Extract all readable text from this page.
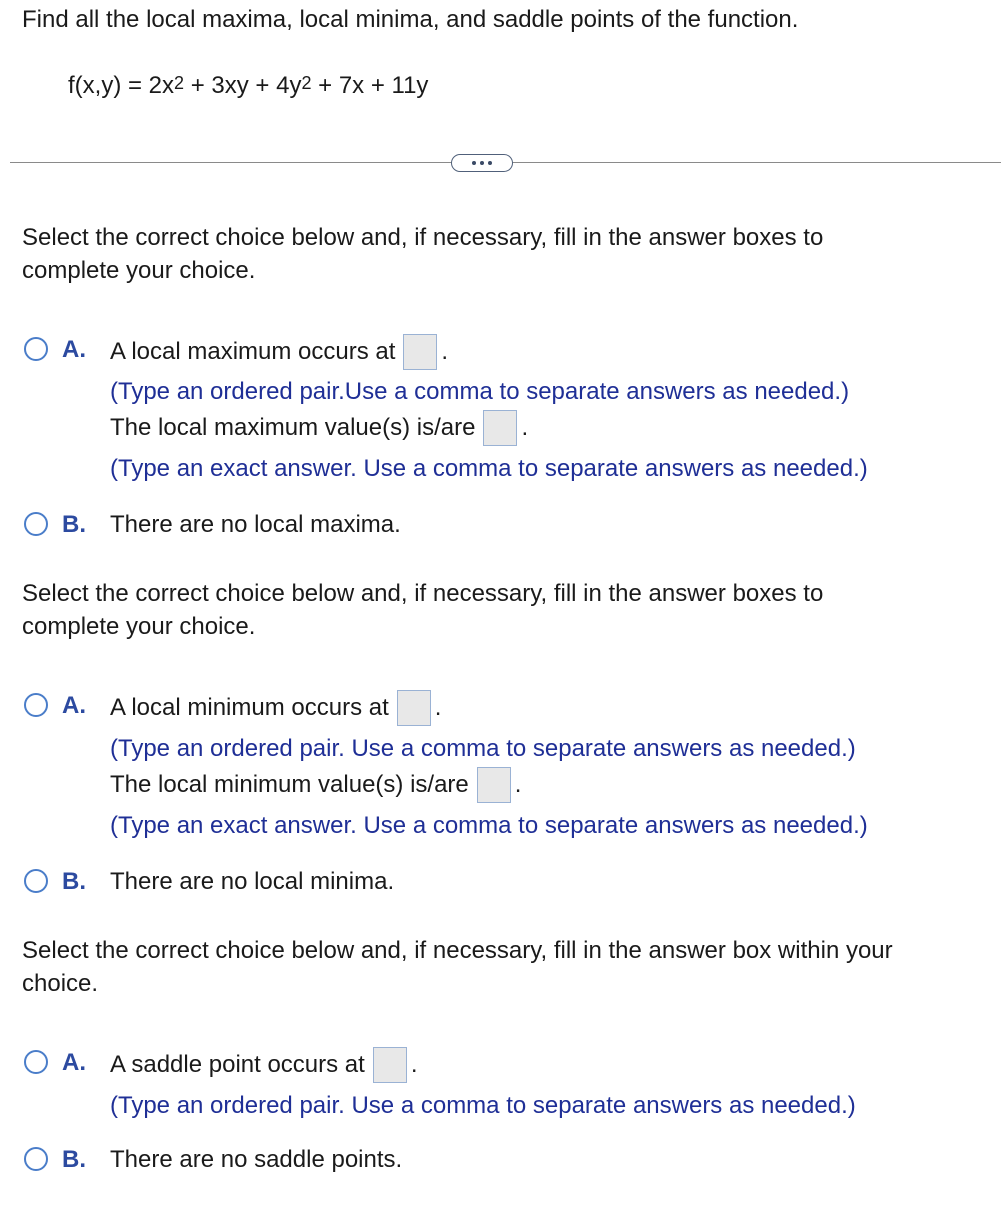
Find all the local maxima, local minima, and saddle points of the function.

$f(x,y) = 2x^2 + 3xy + 4y^2 + 7x + 11y$
Select the correct choice below and, if necessary, fill in the answer boxes to
complete your choice.
A. A local maximum occurs at .
(Type an ordered pair.Use a comma to separate answers as needed.)
The local maximum value(s) is/are .
(Type an exact answer. Use a comma to separate answers as needed.)
B. There are no local maxima.
Select the correct choice below and, if necessary, fill in the answer boxes to
complete your choice.
A. A local minimum occurs at .
(Type an ordered pair. Use a comma to separate answers as needed.)
The local minimum value(s) is/are .
(Type an exact answer. Use a comma to separate answers as needed.)
B. There are no local minima.
Select the correct choice below and, if necessary, fill in the answer box within your
choice.
A. A saddle point occurs at .
(Type an ordered pair. Use a comma to separate answers as needed.)
B. There are no saddle points.
